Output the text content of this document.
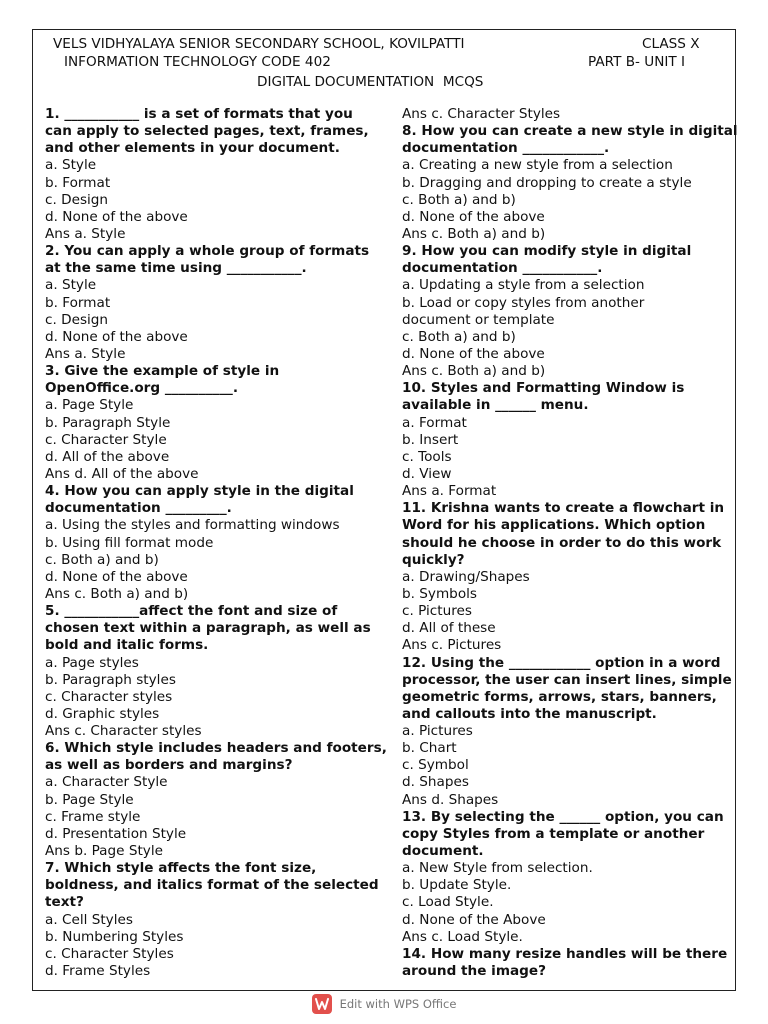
VELS VIDHYALAYA SENIOR SECONDARY SCHOOL, KOVILPATTI	CLASS X
INFORMATION TECHNOLOGY CODE 402	PART B- UNIT I
DIGITAL DOCUMENTATION  MCQS
1. ___________ is a set of formats that you
can apply to selected pages, text, frames,
and other elements in your document.
a. Style
b. Format
c. Design
d. None of the above
Ans a. Style
2. You can apply a whole group of formats
at the same time using ___________.
a. Style
b. Format
c. Design
d. None of the above
Ans a. Style
3. Give the example of style in
OpenOffice.org __________.
a. Page Style
b. Paragraph Style
c. Character Style
d. All of the above
Ans d. All of the above
4. How you can apply style in the digital
documentation _________.
a. Using the styles and formatting windows
b. Using fill format mode
c. Both a) and b)
d. None of the above
Ans c. Both a) and b)
5. ___________affect the font and size of
chosen text within a paragraph, as well as
bold and italic forms.
a. Page styles
b. Paragraph styles
c. Character styles
d. Graphic styles
Ans c. Character styles
6. Which style includes headers and footers,
as well as borders and margins?
a. Character Style
b. Page Style
c. Frame style
d. Presentation Style
Ans b. Page Style
7. Which style affects the font size,
boldness, and italics format of the selected
text?
a. Cell Styles
b. Numbering Styles
c. Character Styles
d. Frame Styles
Ans c. Character Styles
8. How you can create a new style in digital
documentation ____________.
a. Creating a new style from a selection
b. Dragging and dropping to create a style
c. Both a) and b)
d. None of the above
Ans c. Both a) and b)
9. How you can modify style in digital
documentation ___________.
a. Updating a style from a selection
b. Load or copy styles from another
document or template
c. Both a) and b)
d. None of the above
Ans c. Both a) and b)
10. Styles and Formatting Window is
available in ______ menu.
a. Format
b. Insert
c. Tools
d. View
Ans a. Format
11. Krishna wants to create a flowchart in
Word for his applications. Which option
should he choose in order to do this work
quickly?
a. Drawing/Shapes
b. Symbols
c. Pictures
d. All of these
Ans c. Pictures
12. Using the ____________ option in a word
processor, the user can insert lines, simple
geometric forms, arrows, stars, banners,
and callouts into the manuscript.
a. Pictures
b. Chart
c. Symbol
d. Shapes
Ans d. Shapes
13. By selecting the ______ option, you can
copy Styles from a template or another
document.
a. New Style from selection.
b. Update Style.
c. Load Style.
d. None of the Above
Ans c. Load Style.
14. How many resize handles will be there
around the image?
Edit with WPS Office
